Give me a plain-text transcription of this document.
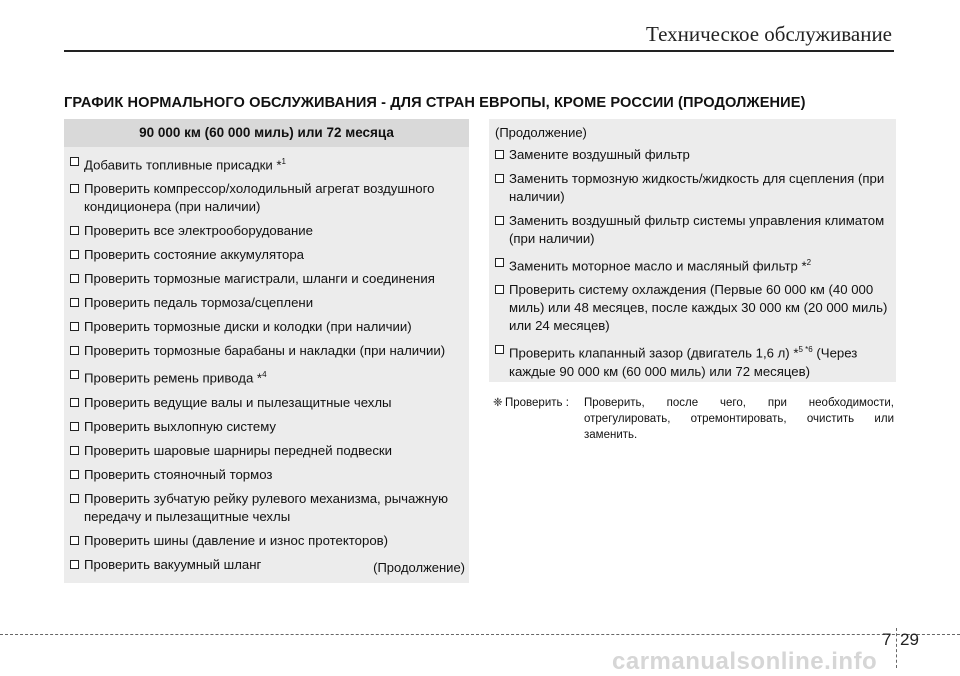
Техническое обслуживание
ГРАФИК НОРМАЛЬНОГО ОБСЛУЖИВАНИЯ - ДЛЯ СТРАН ЕВРОПЫ, КРОМЕ РОССИИ (ПРОДОЛЖЕНИЕ)
90 000 км (60 000 миль) или 72 месяца
Добавить топливные присадки *$^1$
Проверить компрессор/холодильный агрегат воздушного кондиционера (при наличии)
Проверить все электрооборудование
Проверить состояние аккумулятора
Проверить тормозные магистрали, шланги и соединения
Проверить педаль тормоза/сцеплени
Проверить тормозные диски и колодки (при наличии)
Проверить тормозные барабаны и накладки (при наличии)
Проверить ремень привода *$^4$
Проверить ведущие валы и пылезащитные чехлы
Проверить выхлопную систему
Проверить шаровые шарниры передней подвески
Проверить стояночный тормоз
Проверить зубчатую рейку рулевого механизма, рычажную передачу и пылезащитные чехлы
Проверить шины (давление и износ протекторов)
Проверить вакуумный шланг	(Продолжение)
(Продолжение)
Замените воздушный фильтр
Заменить тормозную жидкость/жидкость для сцепления (при наличии)
Заменить воздушный фильтр системы управления климатом (при наличии)
Заменить моторное масло и масляный фильтр *$^2$
Проверить систему охлаждения (Первые 60 000 км (40 000 миль) или 48 месяцев, после каждых 30 000 км (20 000 миль) или 24 месяцев)
Проверить клапанный зазор (двигатель 1,6 л) *$^{5 *6}$ (Через каждые 90 000 км (60 000 миль) или 72 месяцев)
❈ Проверить : Проверить, после чего, при необходимости, отрегулировать, отремонтировать, очистить или заменить.
7 29
carmanualsonline.info
